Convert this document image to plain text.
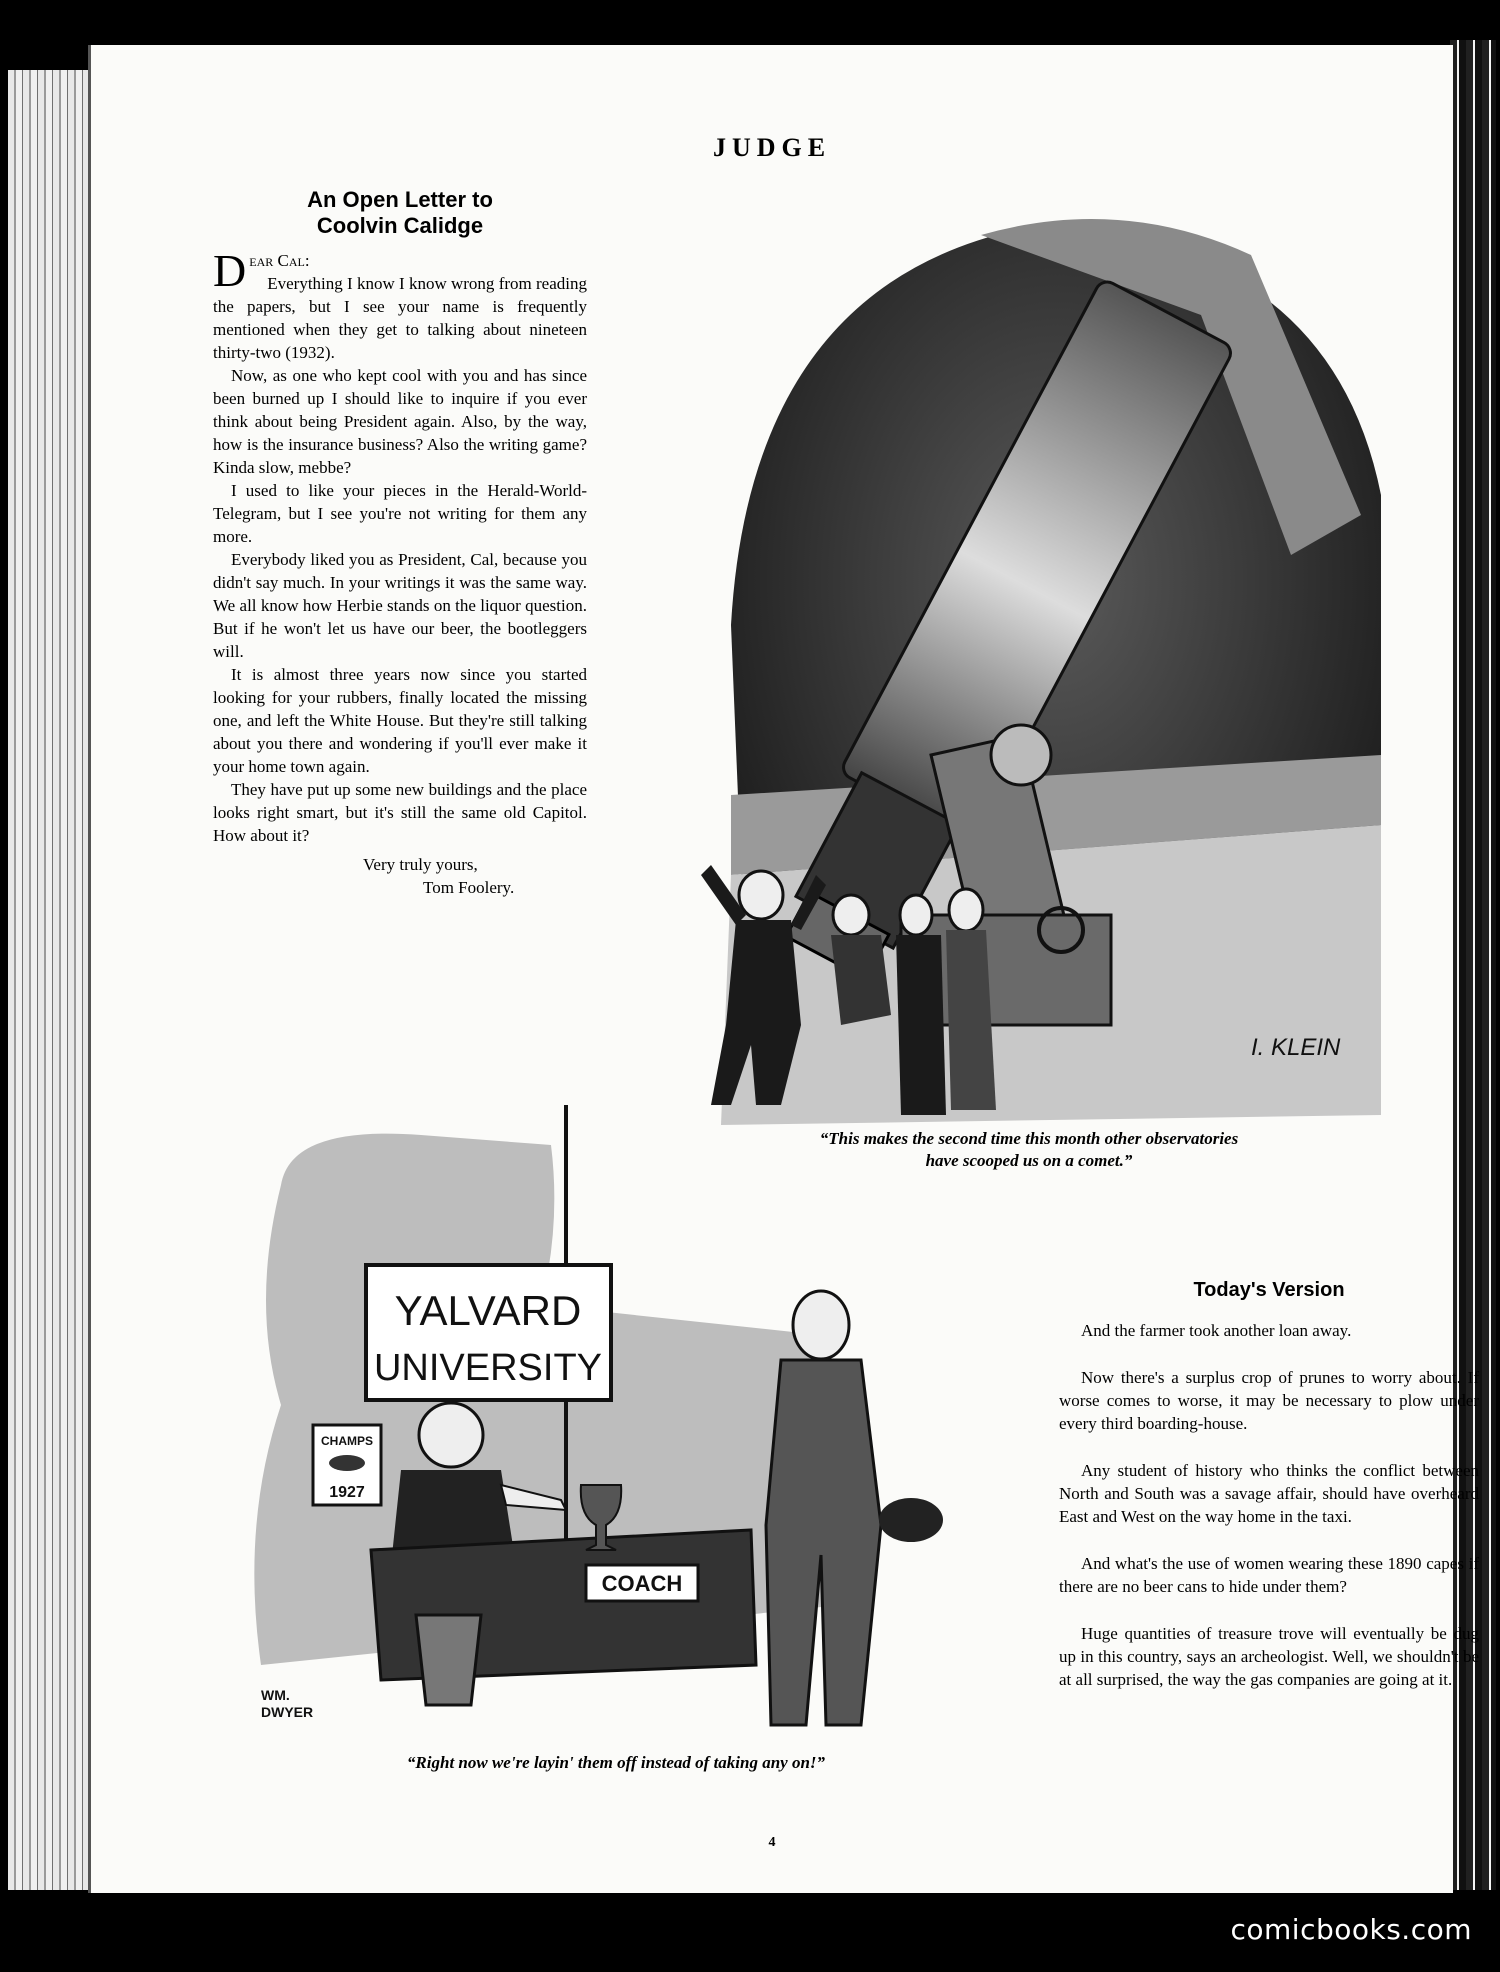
JUDGE
An Open Letter to
Coolvin Calidge

D ear Cal:

Everything I know I know wrong from reading the papers, but I see your name is frequently mentioned when they get to talking about nineteen thirty-two (1932).

Now, as one who kept cool with you and has since been burned up I should like to inquire if you ever think about being President again. Also, by the way, how is the insurance business? Also the writing game? Kinda slow, mebbe?

I used to like your pieces in the Herald-World-Telegram, but I see you're not writing for them any more.

Everybody liked you as President, Cal, because you didn't say much. In your writings it was the same way. We all know how Herbie stands on the liquor question. But if he won't let us have our beer, the bootleggers will.

It is almost three years now since you started looking for your rubbers, finally located the missing one, and left the White House. But they're still talking about you there and wondering if you'll ever make it your home town again.

They have put up some new buildings and the place looks right smart, but it's still the same old Capitol. How about it?

Very truly yours,
Tom Foolery.
I. KLEIN
“This makes the second time this month other observatories
have scooped us on a comet.”
YALVARD
UNIVERSITY
CHAMPS
1927
COACH
WM.
DWYER
“Right now we're layin' them off instead of taking any on!”
Today's Version

And the farmer took another loan away.

Now there's a surplus crop of prunes to worry about. If worse comes to worse, it may be necessary to plow under every third boarding-house.

Any student of history who thinks the conflict between North and South was a savage affair, should have overheard East and West on the way home in the taxi.

And what's the use of women wearing these 1890 capes if there are no beer cans to hide under them?

Huge quantities of treasure trove will eventually be dug up in this country, says an archeologist. Well, we shouldn't be at all surprised, the way the gas companies are going at it.

4
comicbooks.com
